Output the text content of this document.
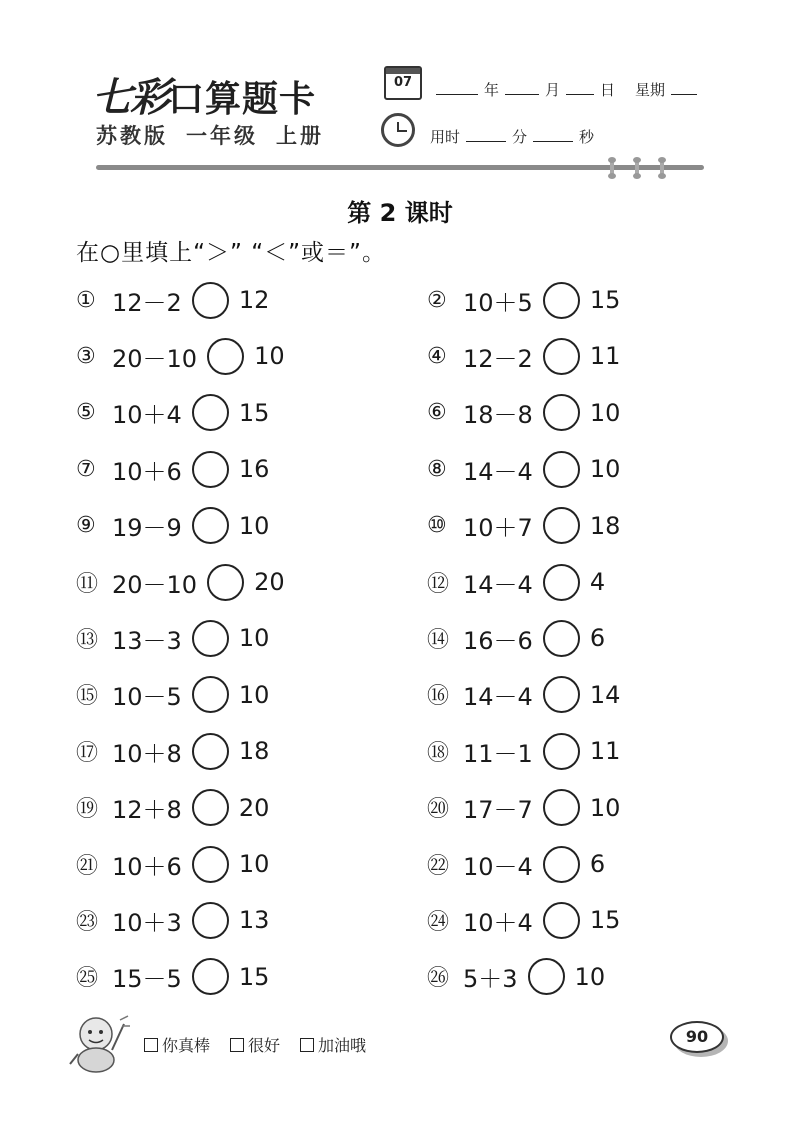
七彩口算题卡
苏教版 一年级 上册
07	年	月	日 星期
用时	分	秒
第 2 课时
在○里填上“＞” “＜”或＝”。
① 12－2 12	② 10＋5 15
③ 20－10 10	④ 12－2 11
⑤ 10＋4 15	⑥ 18－8 10
⑦ 10＋6 16	⑧ 14－4 10
⑨ 19－9 10	⑩ 10＋7 18
⑪ 20－10 20	⑫ 14－4 4
⑬ 13－3 10	⑭ 16－6 6
⑮ 10－5 10	⑯ 14－4 14
⑰ 10＋8 18	⑱ 11－1 11
⑲ 12＋8 20	⑳ 17－7 10
㉑ 10＋6 10	㉒ 10－4 6
㉓ 10＋3 13	㉔ 10＋4 15
㉕ 15－5 15	㉖ 5＋3 10
你真棒 很好 加油哦	90
